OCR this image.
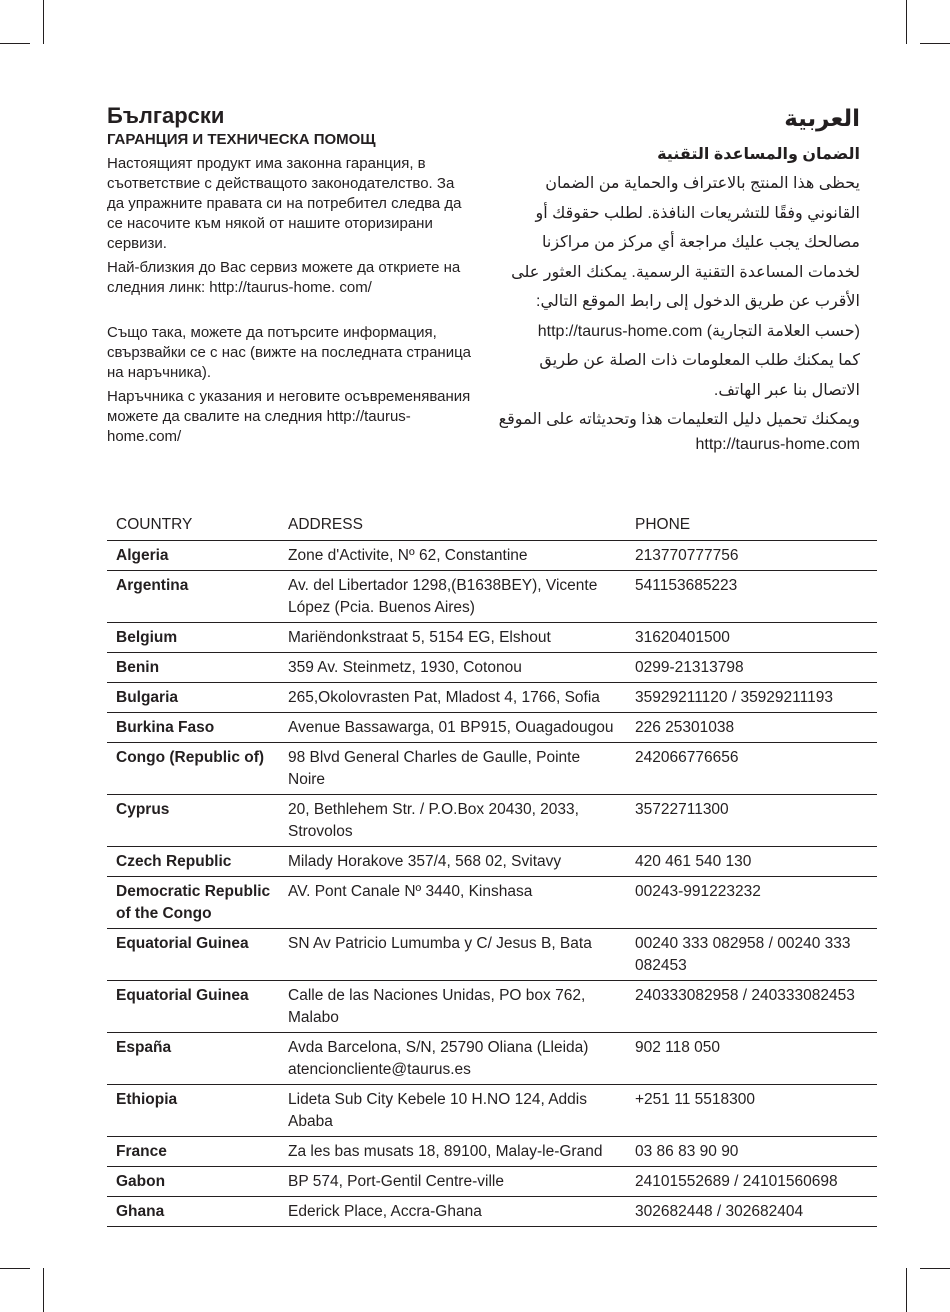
Български
ГАРАНЦИЯ И ТЕХНИЧЕСКА ПОМОЩ

Настоящият продукт има законна гаранция, в съответствие с действащото законодателство. За да упражните правата си на потребител следва да се насочите към някой от нашите оторизирани сервизи.

Най-близкия до Вас сервиз можете да откриете на следния линк: http://taurus-home. com/

Също така, можете да потърсите информация, свързвайки се с нас (вижте на последната страница на наръчника).

Наръчника с указания и неговите осъвременявания можете да свалите на следния http://taurus-home.com/

العربية
الضمان والمساعدة التقنية

يحظى هذا المنتج بالاعتراف والحماية من الضمان القانوني وفقًا للتشريعات النافذة. لطلب حقوقك أو مصالحك يجب عليك مراجعة أي مركز من مراكزنا لخدمات المساعدة التقنية الرسمية. يمكنك العثور على الأقرب عن طريق الدخول إلى رابط الموقع التالي:

(حسب العلامة التجارية) http://taurus-home.com

كما يمكنك طلب المعلومات ذات الصلة عن طريق الاتصال بنا عبر الهاتف.

ويمكنك تحميل دليل التعليمات هذا وتحديثاته على الموقع

http://taurus-home.com
COUNTRY	ADDRESS	PHONE
Algeria	Zone d'Activite, Nº 62, Constantine	213770777756
Argentina	Av. del Libertador 1298,(B1638BEY), Vicente López (Pcia. Buenos Aires)	541153685223
Belgium	Mariëndonkstraat 5, 5154 EG, Elshout	31620401500
Benin	359 Av. Steinmetz, 1930, Cotonou	0299-21313798
Bulgaria	265,Okolovrasten Pat, Mladost 4, 1766, Sofia	35929211120 / 35929211193
Burkina Faso	Avenue Bassawarga, 01 BP915, Ouagadougou	226 25301038
Congo (Republic of)	98 Blvd General Charles de Gaulle, Pointe Noire	242066776656
Cyprus	20, Bethlehem Str. / P.O.Box 20430, 2033, Strovolos	35722711300
Czech Republic	Milady Horakove 357/4, 568 02, Svitavy	420 461 540 130
Democratic Republic of the Congo	AV. Pont Canale Nº 3440, Kinshasa	00243-991223232
Equatorial Guinea	SN Av Patricio Lumumba y C/ Jesus B, Bata	00240 333 082958 / 00240 333 082453
Equatorial Guinea	Calle de las Naciones Unidas, PO box 762, Malabo	240333082958 / 240333082453
España	Avda Barcelona, S/N, 25790 Oliana (Lleida) atencioncliente@taurus.es	902 118 050
Ethiopia	Lideta Sub City Kebele 10 H.NO 124, Addis Ababa	+251 11 5518300
France	Za les bas musats 18, 89100, Malay-le-Grand	03 86 83 90 90
Gabon	BP 574, Port-Gentil Centre-ville	24101552689 / 24101560698
Ghana	Ederick Place, Accra-Ghana	302682448 / 302682404
